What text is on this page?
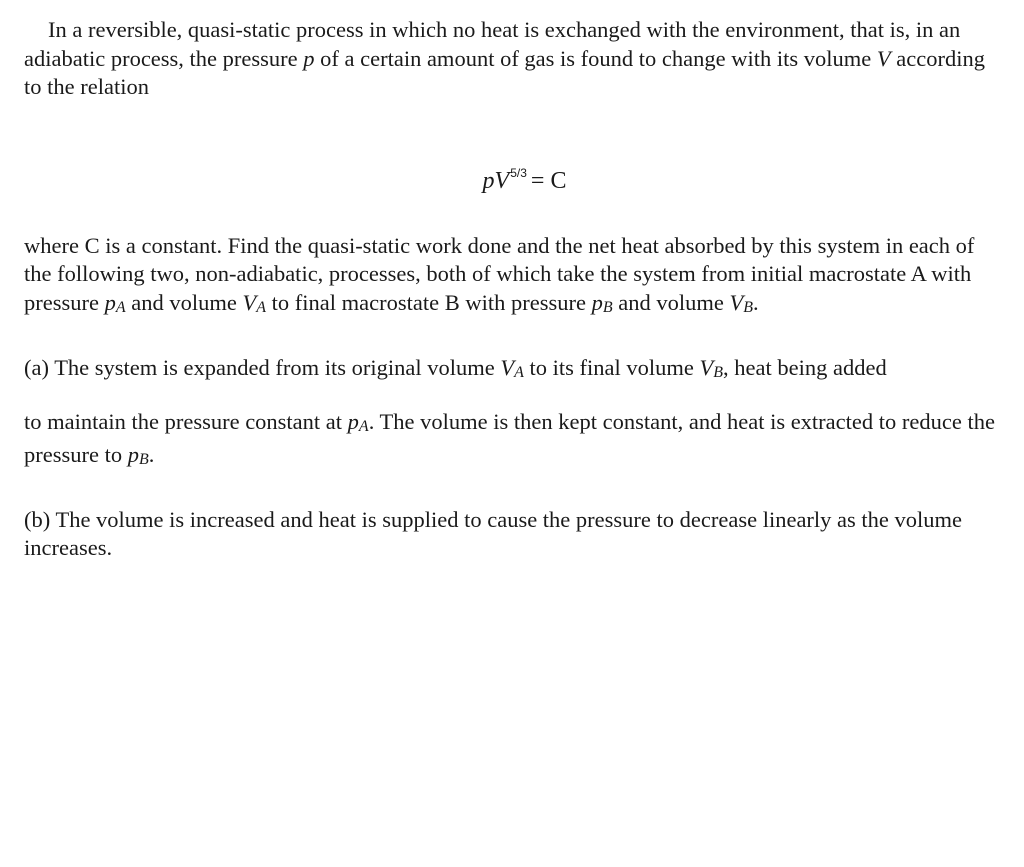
In a reversible, quasi-static process in which no heat is exchanged with the environment, that is, in an adiabatic process, the pressure p of a certain amount of gas is found to change with its volume V according to the relation

$pV^{5/3} = C$

where C is a constant. Find the quasi-static work done and the net heat absorbed by this system in each of the following two, non-adiabatic, processes, both of which take the system from initial macrostate A with pressure pA and volume VA to final macrostate B with pressure pB and volume VB.

(a) The system is expanded from its original volume VA to its final volume VB, heat being added

to maintain the pressure constant at pA. The volume is then kept constant, and heat is extracted to reduce the pressure to pB.

(b) The volume is increased and heat is supplied to cause the pressure to decrease linearly as the volume increases.
